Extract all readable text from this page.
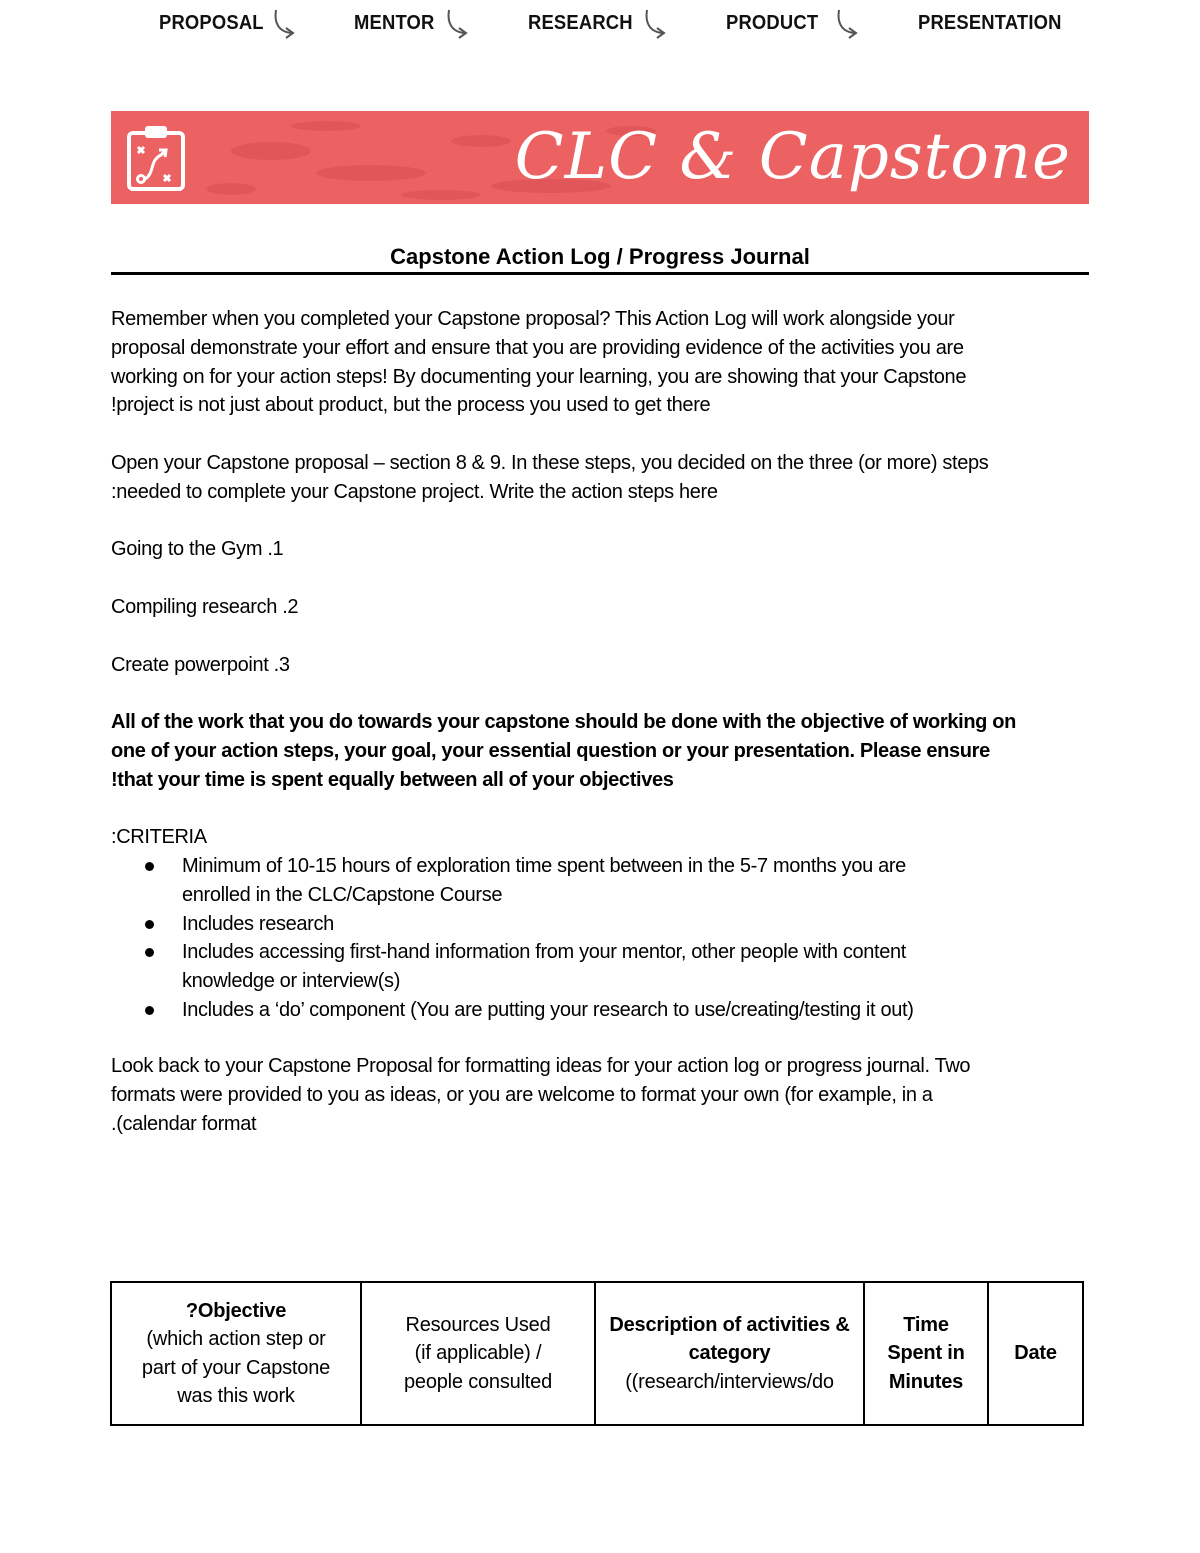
PROPOSAL	MENTOR	RESEARCH	PRODUCT	PRESENTATION
CLC & Capstone
Capstone Action Log / Progress Journal
Remember when you completed your Capstone proposal? This Action Log will work alongside your
proposal demonstrate your effort and ensure that you are providing evidence of the activities you are
working on for your action steps! By documenting your learning, you are showing that your Capstone
!project is not just about product, but the process you used to get there
Open your Capstone proposal – section 8 & 9. In these steps, you decided on the three (or more) steps
:needed to complete your Capstone project. Write the action steps here
Going to the Gym .1
Compiling research .2
Create powerpoint .3
All of the work that you do towards your capstone should be done with the objective of working on
one of your action steps, your goal, your essential question or your presentation. Please ensure
!that your time is spent equally between all of your objectives
:CRITERIA
Minimum of 10-15 hours of exploration time spent between in the 5-7 months you are
enrolled in the CLC/Capstone Course
Includes research
Includes accessing first-hand information from your mentor, other people with content
knowledge or interview(s)
Includes a ‘do’ component (You are putting your research to use/creating/testing it out)
Look back to your Capstone Proposal for formatting ideas for your action log or progress journal. Two
formats were provided to you as ideas, or you are welcome to format your own (for example, in a
.(calendar format
?Objective
(which action step or
part of your Capstone
was this work

Resources Used
(if applicable) /
people consulted

Description of activities &
category
((research/interviews/do

Time
Spent in
Minutes

Date
